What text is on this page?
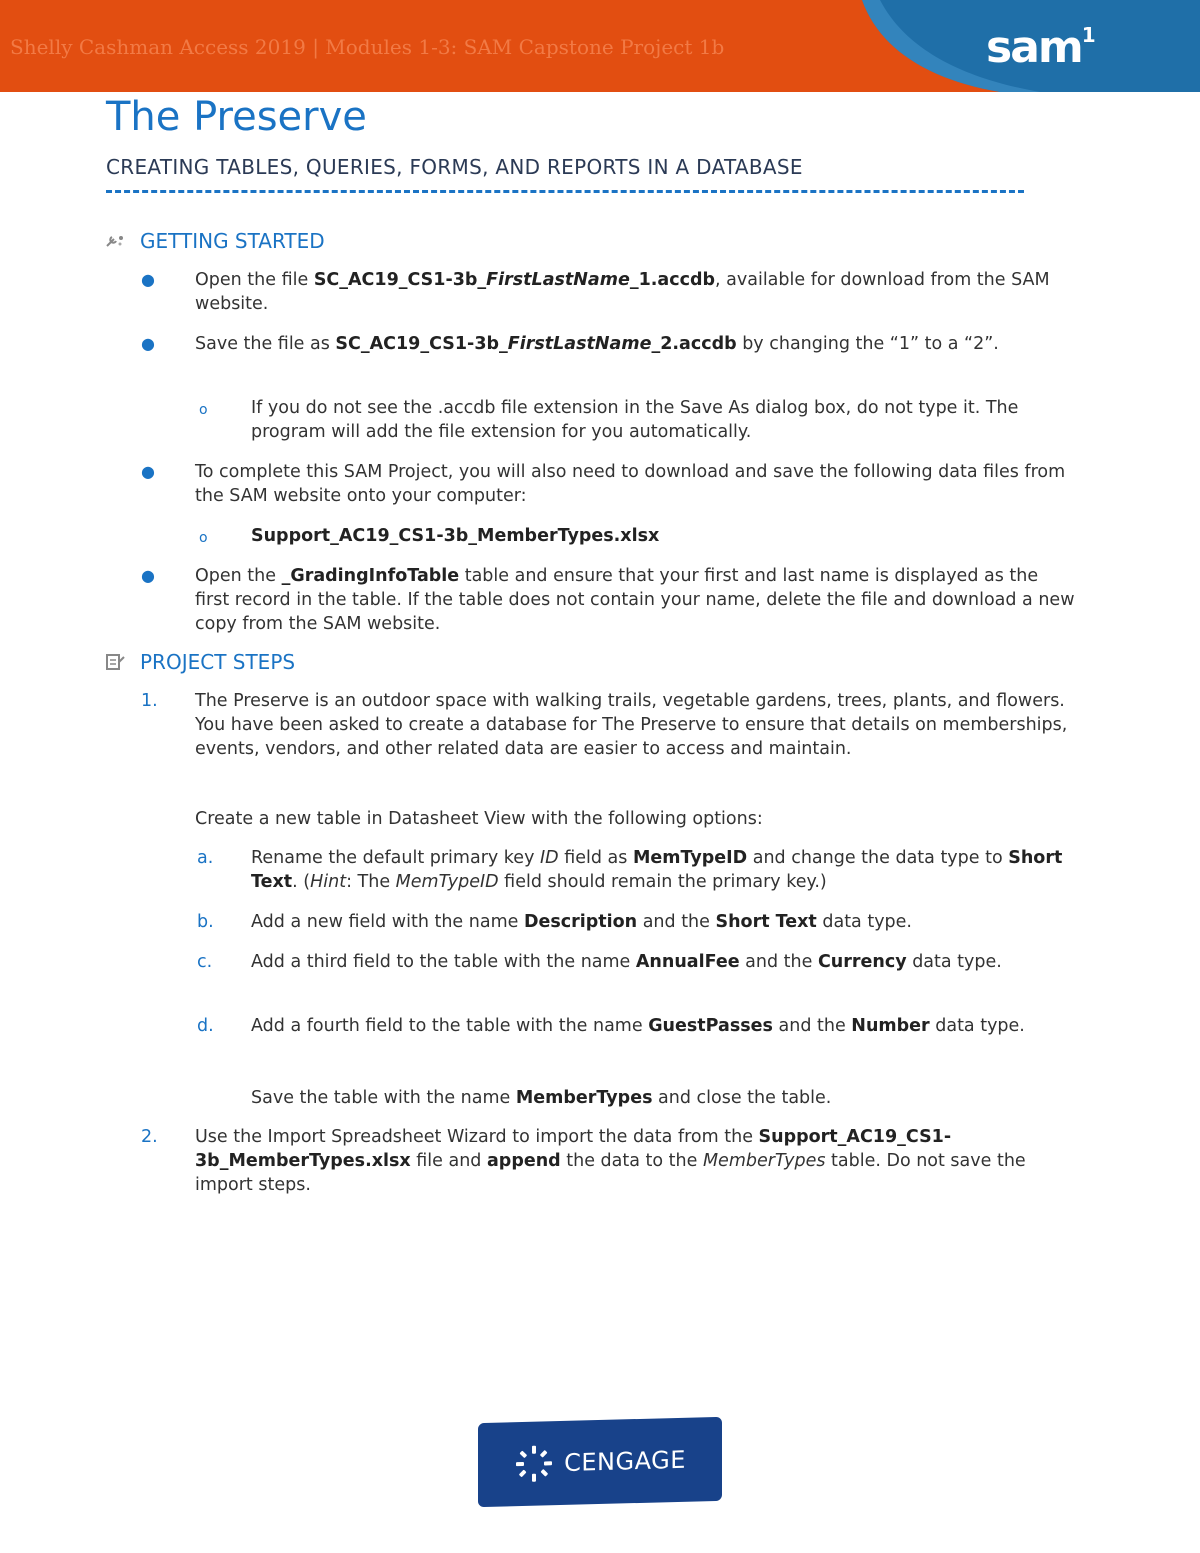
Shelly Cashman Access 2019 | Modules 1-3: SAM Capstone Project 1b	sam$^1$
The Preserve
CREATING TABLES, QUERIES, FORMS, AND REPORTS IN A DATABASE
GETTING STARTED
● Open the file SC_AC19_CS1-3b_FirstLastName_1.accdb, available for download from the SAM website.
● Save the file as SC_AC19_CS1-3b_FirstLastName_2.accdb by changing the “1” to a “2”.
o If you do not see the .accdb file extension in the Save As dialog box, do not type it. The program will add the file extension for you automatically.
● To complete this SAM Project, you will also need to download and save the following data files from the SAM website onto your computer:
o Support_AC19_CS1-3b_MemberTypes.xlsx
● Open the _GradingInfoTable table and ensure that your first and last name is displayed as the first record in the table. If the table does not contain your name, delete the file and download a new copy from the SAM website.
PROJECT STEPS
1. The Preserve is an outdoor space with walking trails, vegetable gardens, trees, plants, and flowers. You have been asked to create a database for The Preserve to ensure that details on memberships, events, vendors, and other related data are easier to access and maintain.
Create a new table in Datasheet View with the following options:
a. Rename the default primary key ID field as MemTypeID and change the data type to Short Text. (Hint: The MemTypeID field should remain the primary key.)
b. Add a new field with the name Description and the Short Text data type.
c. Add a third field to the table with the name AnnualFee and the Currency data type.
d. Add a fourth field to the table with the name GuestPasses and the Number data type.
Save the table with the name MemberTypes and close the table.
2. Use the Import Spreadsheet Wizard to import the data from the Support_AC19_CS1-3b_MemberTypes.xlsx file and append the data to the MemberTypes table. Do not save the import steps.
CENGAGE
